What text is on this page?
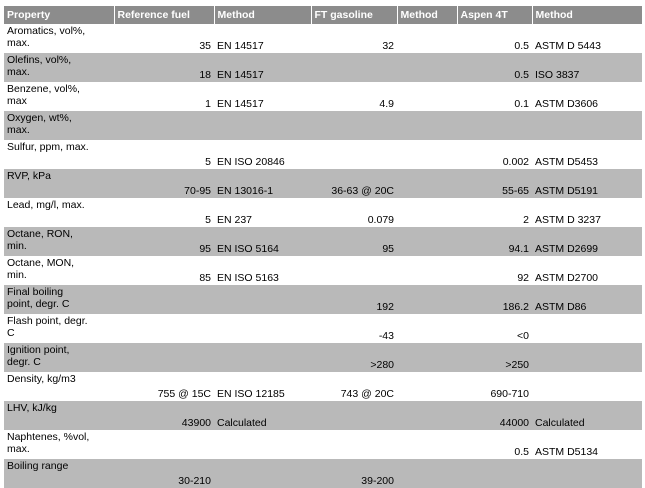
Property	Reference fuel	Method	FT gasoline	Method	Aspen 4T	Method

Aromatics, vol%,
max.	35	EN 14517	32		0.5	ASTM D 5443

Olefins, vol%,
max.	18	EN 14517			0.5	ISO 3837

Benzene, vol%,
max	1	EN 14517	4.9		0.1	ASTM D3606

Oxygen, wt%,
max.						

Sulfur, ppm, max.	5	EN ISO 20846			0.002	ASTM D5453

RVP, kPa	70-95	EN 13016-1	36-63 @ 20C		55-65	ASTM D5191

Lead, mg/l, max.	5	EN 237	0.079		2	ASTM D 3237

Octane, RON,
min.	95	EN ISO 5164	95		94.1	ASTM D2699

Octane, MON,
min.	85	EN ISO 5163			92	ASTM D2700

Final boiling
point, degr. C			192		186.2	ASTM D86

Flash point, degr.
C			-43		<0	

Ignition point,
degr. C			>280		>250	

Density, kg/m3	755 @ 15C	EN ISO 12185	743 @ 20C		690-710	

LHV, kJ/kg	43900	Calculated			44000	Calculated

Naphtenes, %vol,
max.					0.5	ASTM D5134

Boiling range	30-210		39-200			
